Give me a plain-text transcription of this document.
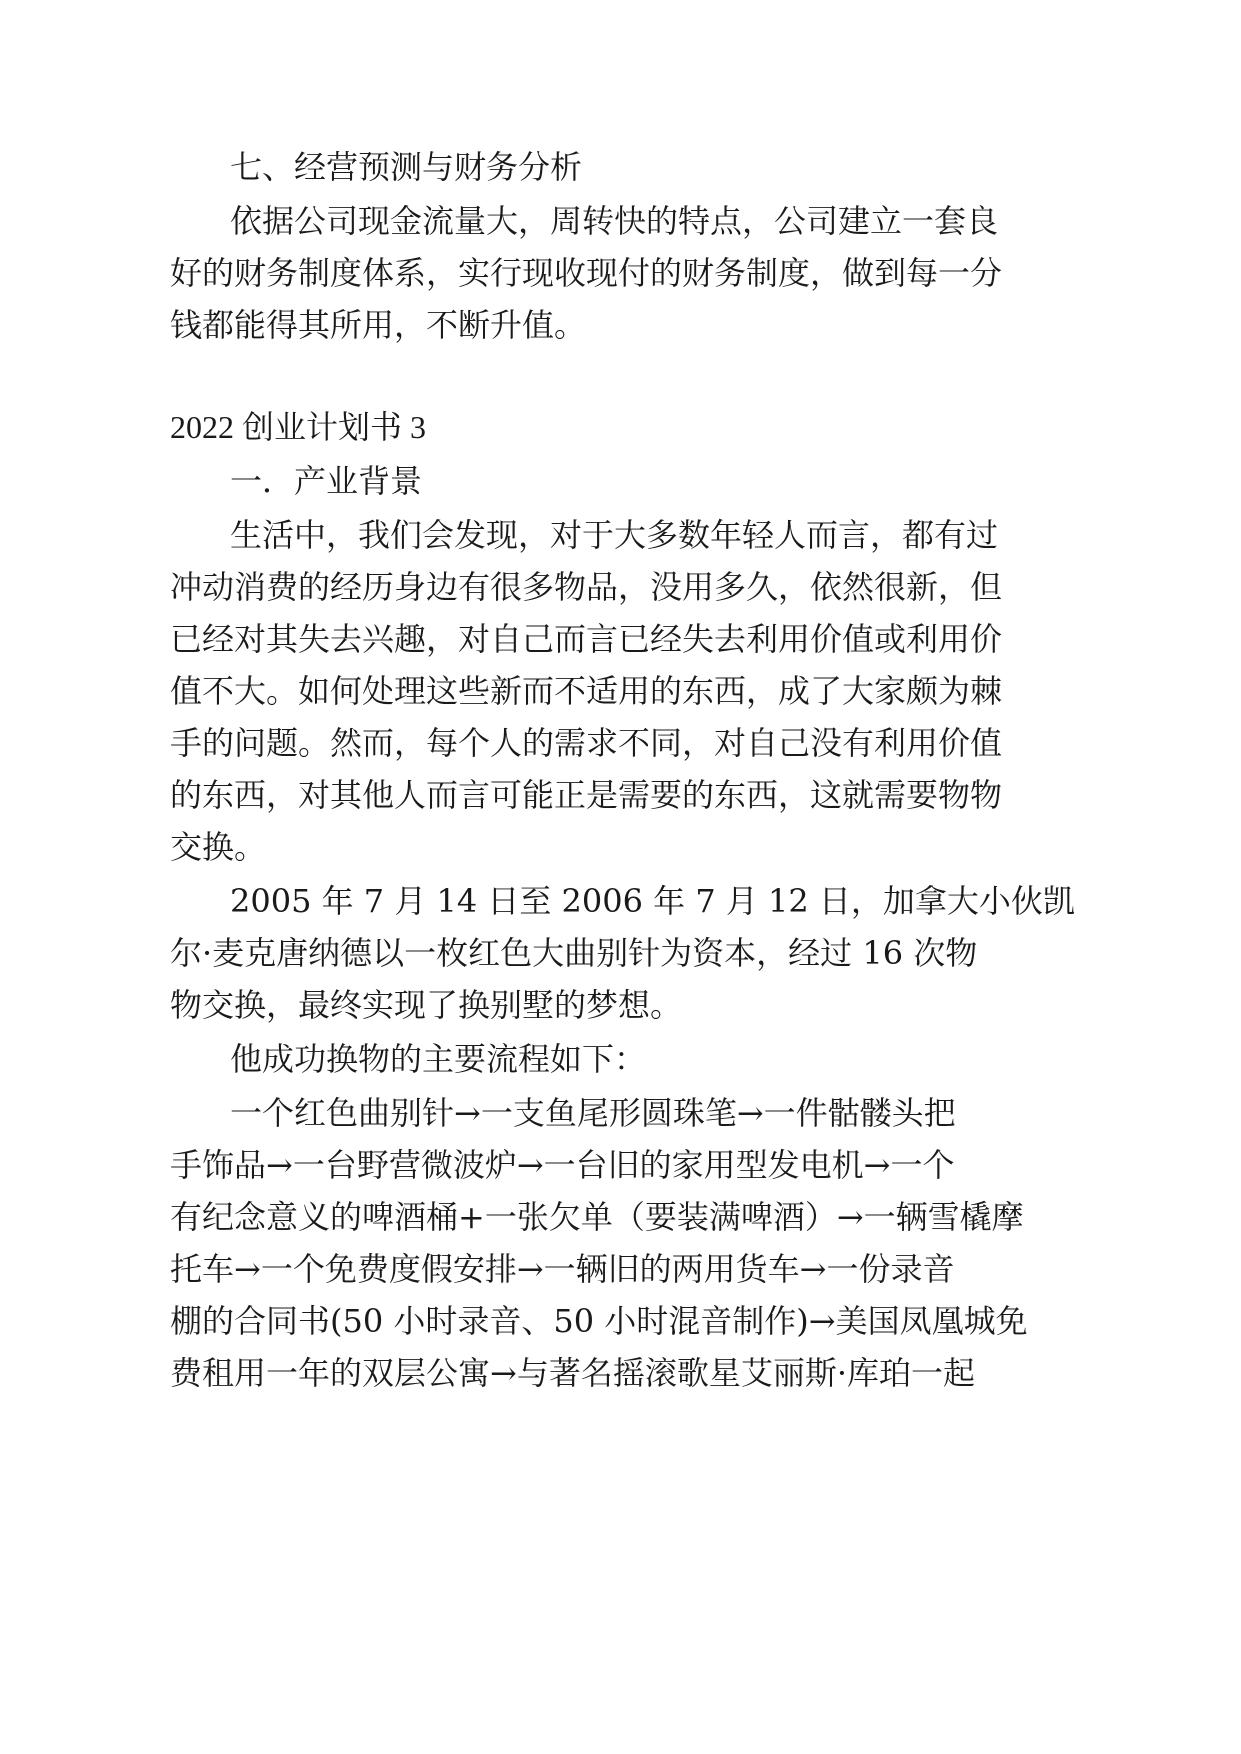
七、经营预测与财务分析
依据公司现金流量大，周转快的特点，公司建立一套良
好的财务制度体系，实行现收现付的财务制度，做到每一分
钱都能得其所用，不断升值。
2022 创业计划书 3
一．产业背景
生活中，我们会发现，对于大多数年轻人而言，都有过
冲动消费的经历身边有很多物品，没用多久，依然很新，但
已经对其失去兴趣，对自己而言已经失去利用价值或利用价
值不大。如何处理这些新而不适用的东西，成了大家颇为棘
手的问题。然而，每个人的需求不同，对自己没有利用价值
的东西，对其他人而言可能正是需要的东西，这就需要物物
交换。
2005 年 7 月 14 日至 2006 年 7 月 12 日，加拿大小伙凯
尔·麦克唐纳德以一枚红色大曲别针为资本，经过 16 次物
物交换，最终实现了换别墅的梦想。
他成功换物的主要流程如下：
一个红色曲别针→一支鱼尾形圆珠笔→一件骷髅头把
手饰品→一台野营微波炉→一台旧的家用型发电机→一个
有纪念意义的啤酒桶+一张欠单（要装满啤酒）→一辆雪橇摩
托车→一个免费度假安排→一辆旧的两用货车→一份录音
棚的合同书(50 小时录音、50 小时混音制作)→美国凤凰城免
费租用一年的双层公寓→与著名摇滚歌星艾丽斯·库珀一起
